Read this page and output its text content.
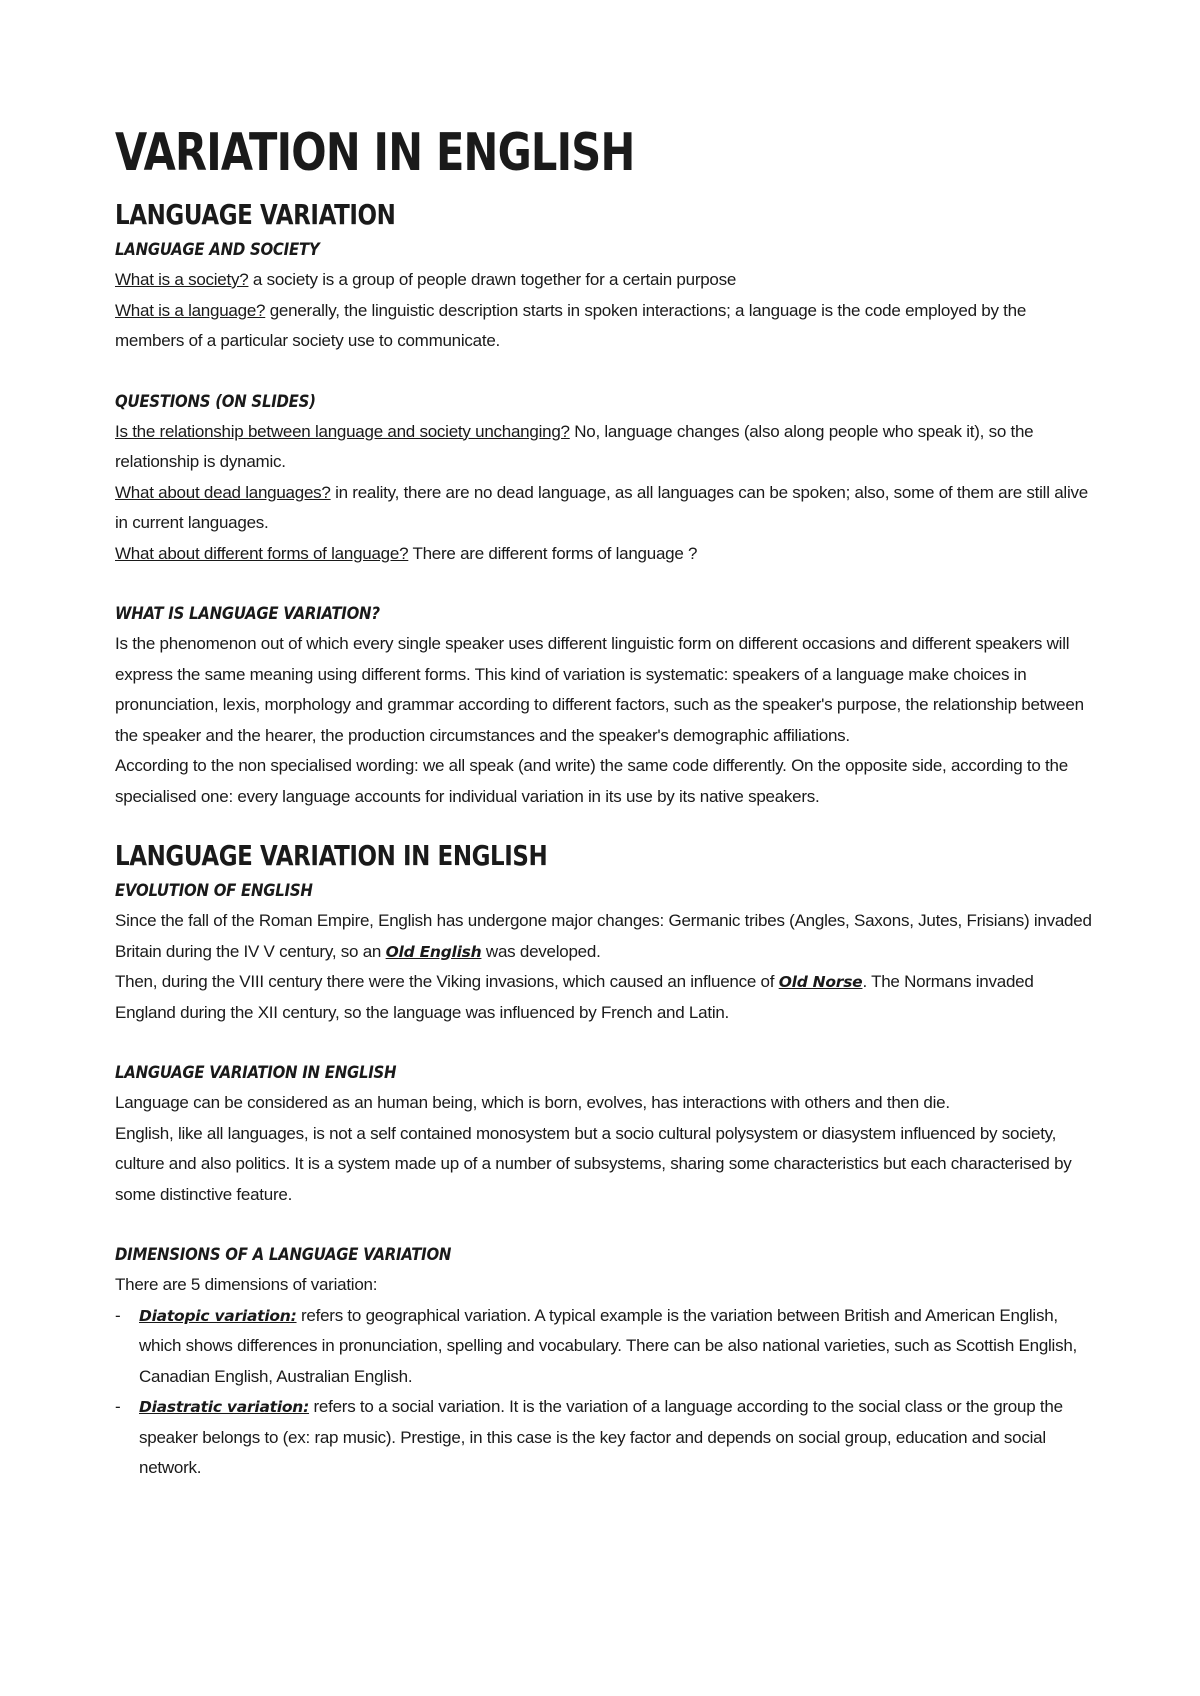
VARIATION IN ENGLISH
LANGUAGE VARIATION
LANGUAGE AND SOCIETY

What is a society? a society is a group of people drawn together for a certain purpose

What is a language? generally, the linguistic description starts in spoken interactions; a language is the code employed by the members of a particular society use to communicate.

QUESTIONS (ON SLIDES)

Is the relationship between language and society unchanging? No, language changes (also along people who speak it), so the relationship is dynamic.

What about dead languages? in reality, there are no dead language, as all languages can be spoken; also, some of them are still alive in current languages.

What about different forms of language? There are different forms of language ?

WHAT IS LANGUAGE VARIATION?

Is the phenomenon out of which every single speaker uses different linguistic form on different occasions and different speakers will express the same meaning using different forms. This kind of variation is systematic: speakers of a language make choices in pronunciation, lexis, morphology and grammar according to different factors, such as the speaker's purpose, the relationship between the speaker and the hearer, the production circumstances and the speaker's demographic affiliations.

According to the non specialised wording: we all speak (and write) the same code differently. On the opposite side, according to the specialised one: every language accounts for individual variation in its use by its native speakers.

LANGUAGE VARIATION IN ENGLISH
EVOLUTION OF ENGLISH

Since the fall of the Roman Empire, English has undergone major changes: Germanic tribes (Angles, Saxons, Jutes, Frisians) invaded Britain during the IV V century, so an Old English was developed.

Then, during the VIII century there were the Viking invasions, which caused an influence of Old Norse. The Normans invaded England during the XII century, so the language was influenced by French and Latin.

LANGUAGE VARIATION IN ENGLISH

Language can be considered as an human being, which is born, evolves, has interactions with others and then die.

English, like all languages, is not a self contained monosystem but a socio cultural polysystem or diasystem influenced by society, culture and also politics. It is a system made up of a number of subsystems, sharing some characteristics but each characterised by some distinctive feature.

DIMENSIONS OF A LANGUAGE VARIATION

There are 5 dimensions of variation:

- Diatopic variation: refers to geographical variation. A typical example is the variation between British and American English, which shows differences in pronunciation, spelling and vocabulary. There can be also national varieties, such as Scottish English, Canadian English, Australian English.
- Diastratic variation: refers to a social variation. It is the variation of a language according to the social class or the group the speaker belongs to (ex: rap music). Prestige, in this case is the key factor and depends on social group, education and social network.
